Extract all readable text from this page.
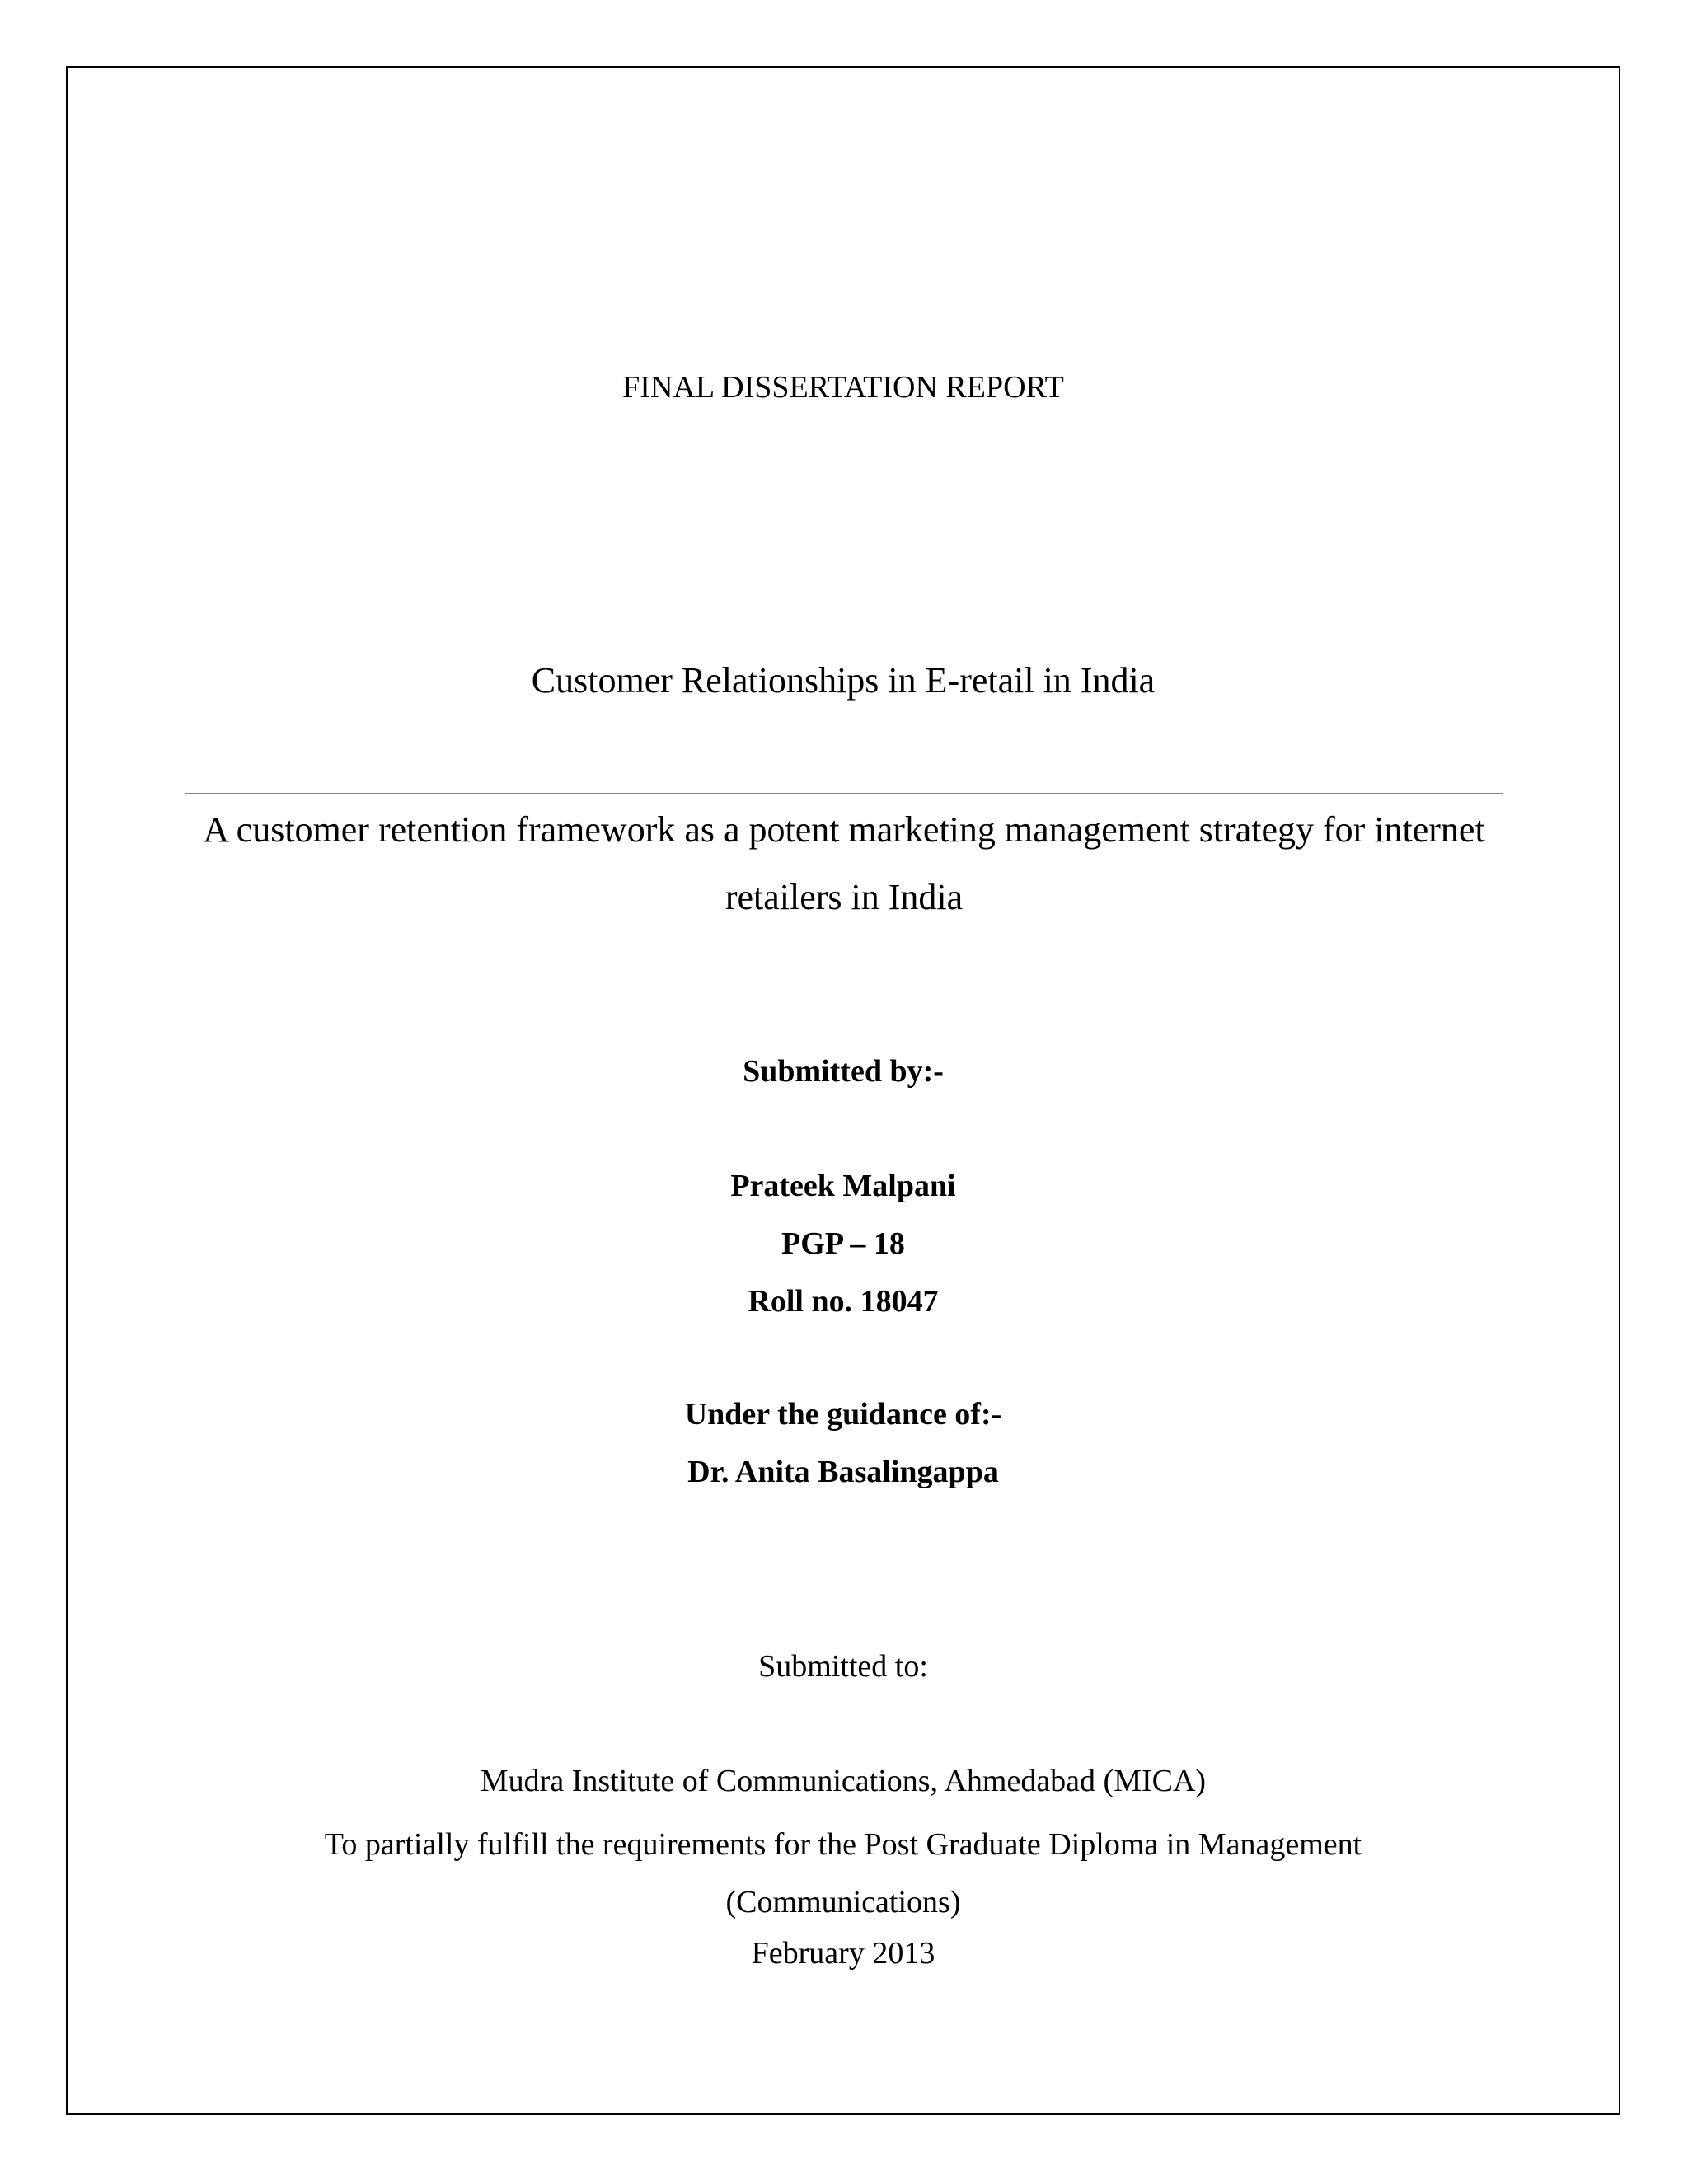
FINAL DISSERTATION REPORT
Customer Relationships in E-retail in India
A customer retention framework as a potent marketing management strategy for internet retailers in India
Submitted by:-
Prateek Malpani
PGP – 18
Roll no. 18047
Under the guidance of:-
Dr. Anita Basalingappa
Submitted to:
Mudra Institute of Communications, Ahmedabad (MICA)
To partially fulfill the requirements for the Post Graduate Diploma in Management (Communications)
February 2013
